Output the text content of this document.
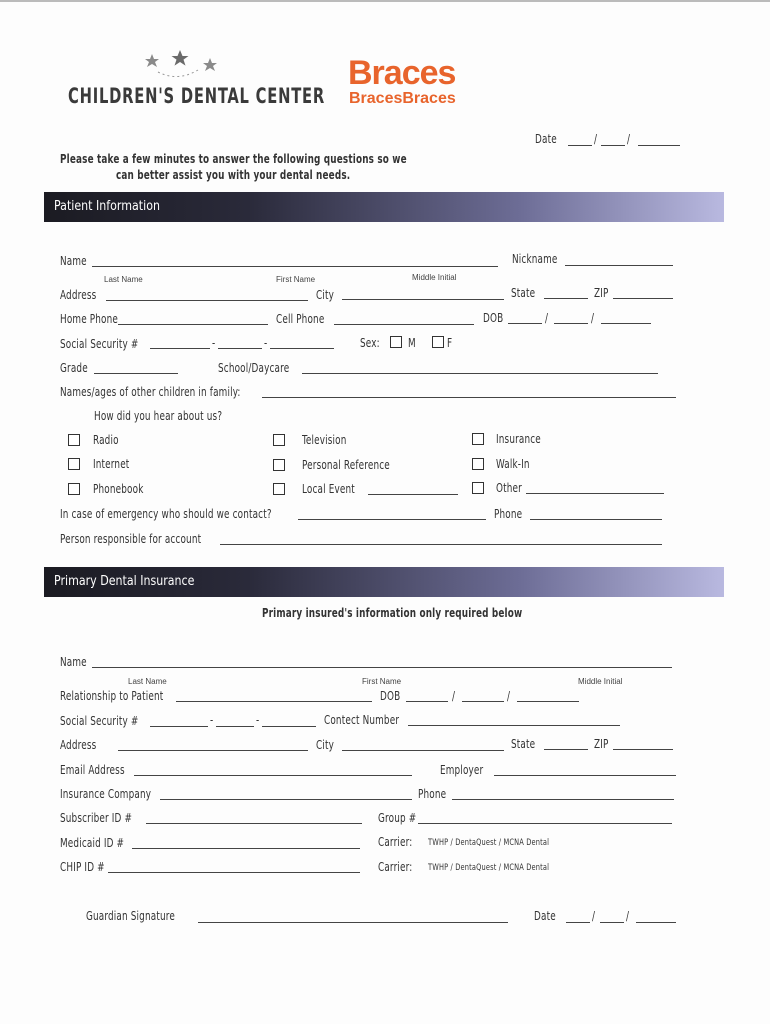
CHILDREN'S DENTAL CENTER
Braces
BracesBraces
Date	/ /
Please take a few minutes to answer the following questions so we
can better assist you with your dental needs.
Patient Information
Name	Nickname
Last Name	First Name	Middle Initial
Address	City	State	ZIP
Home Phone	Cell Phone	DOB	/	/
Social Security #	-	-	Sex: M	F
Grade	School/Daycare
Names/ages of other children in family:
How did you hear about us?
Radio
Internet
Phonebook
Television
Personal Reference
Local Event
Insurance
Walk-In
Other
In case of emergency who should we contact?	Phone
Person responsible for account
Primary Dental Insurance
Primary insured's information only required below
Name
Last Name	First Name	Middle Initial
Relationship to Patient	DOB	/	/
Social Security #	-	-	Contect Number
Address	City	State	ZIP
Email Address	Employer
Insurance Company	Phone
Subscriber ID #	Group #
Medicaid ID #	Carrier: TWHP / DentaQuest / MCNA Dental
CHIP ID #	Carrier: TWHP / DentaQuest / MCNA Dental
Guardian Signature	Date	/	/
